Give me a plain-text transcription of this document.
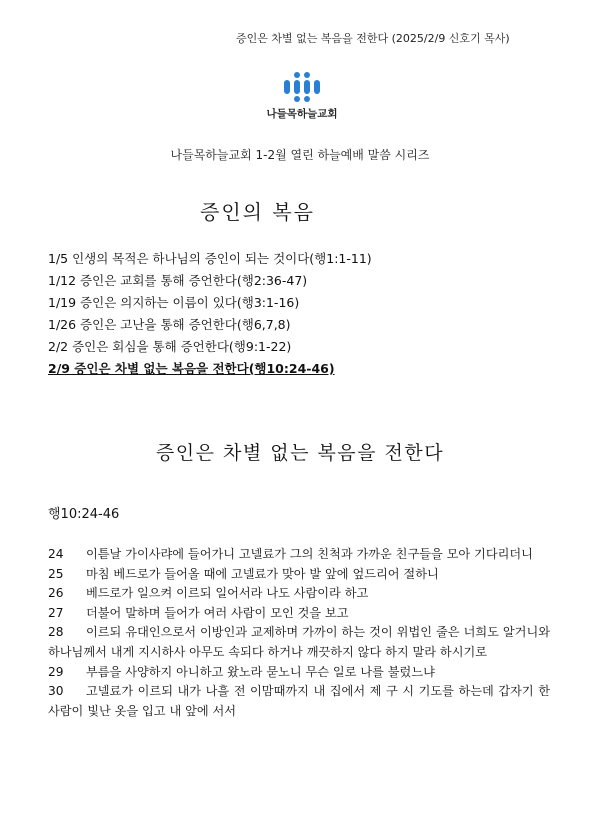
증인은 차별 없는 복음을 전한다 (2025/2/9 신호기 목사)
나들목하늘교회
나들목하늘교회 1-2월 열린 하늘예배 말씀 시리즈
증인의 복음
1/5 인생의 목적은 하나님의 증인이 되는 것이다(행1:1-11)
1/12 증인은 교회를 통해 증언한다(행2:36-47)
1/19 증인은 의지하는 이름이 있다(행3:1-16)
1/26 증인은 고난을 통해 증언한다(행6,7,8)
2/2 증인은 회심을 통해 증언한다(행9:1-22)
2/9 증인은 차별 없는 복음을 전한다(행10:24-46)
증인은 차별 없는 복음을 전한다
행10:24-46

24 이튿날 가이사랴에 들어가니 고넬료가 그의 친척과 가까운 친구들을 모아 기다리더니

25 마침 베드로가 들어올 때에 고넬료가 맞아 발 앞에 엎드리어 절하니

26 베드로가 일으켜 이르되 일어서라 나도 사람이라 하고

27 더불어 말하며 들어가 여러 사람이 모인 것을 보고

28 이르되 유대인으로서 이방인과 교제하며 가까이 하는 것이 위법인 줄은 너희도 알거니와 하나님께서 내게 지시하사 아무도 속되다 하거나 깨끗하지 않다 하지 말라 하시기로

29 부름을 사양하지 아니하고 왔노라 묻노니 무슨 일로 나를 불렀느냐

30 고넬료가 이르되 내가 나흘 전 이맘때까지 내 집에서 제 구 시 기도를 하는데 갑자기 한 사람이 빛난 옷을 입고 내 앞에 서서
